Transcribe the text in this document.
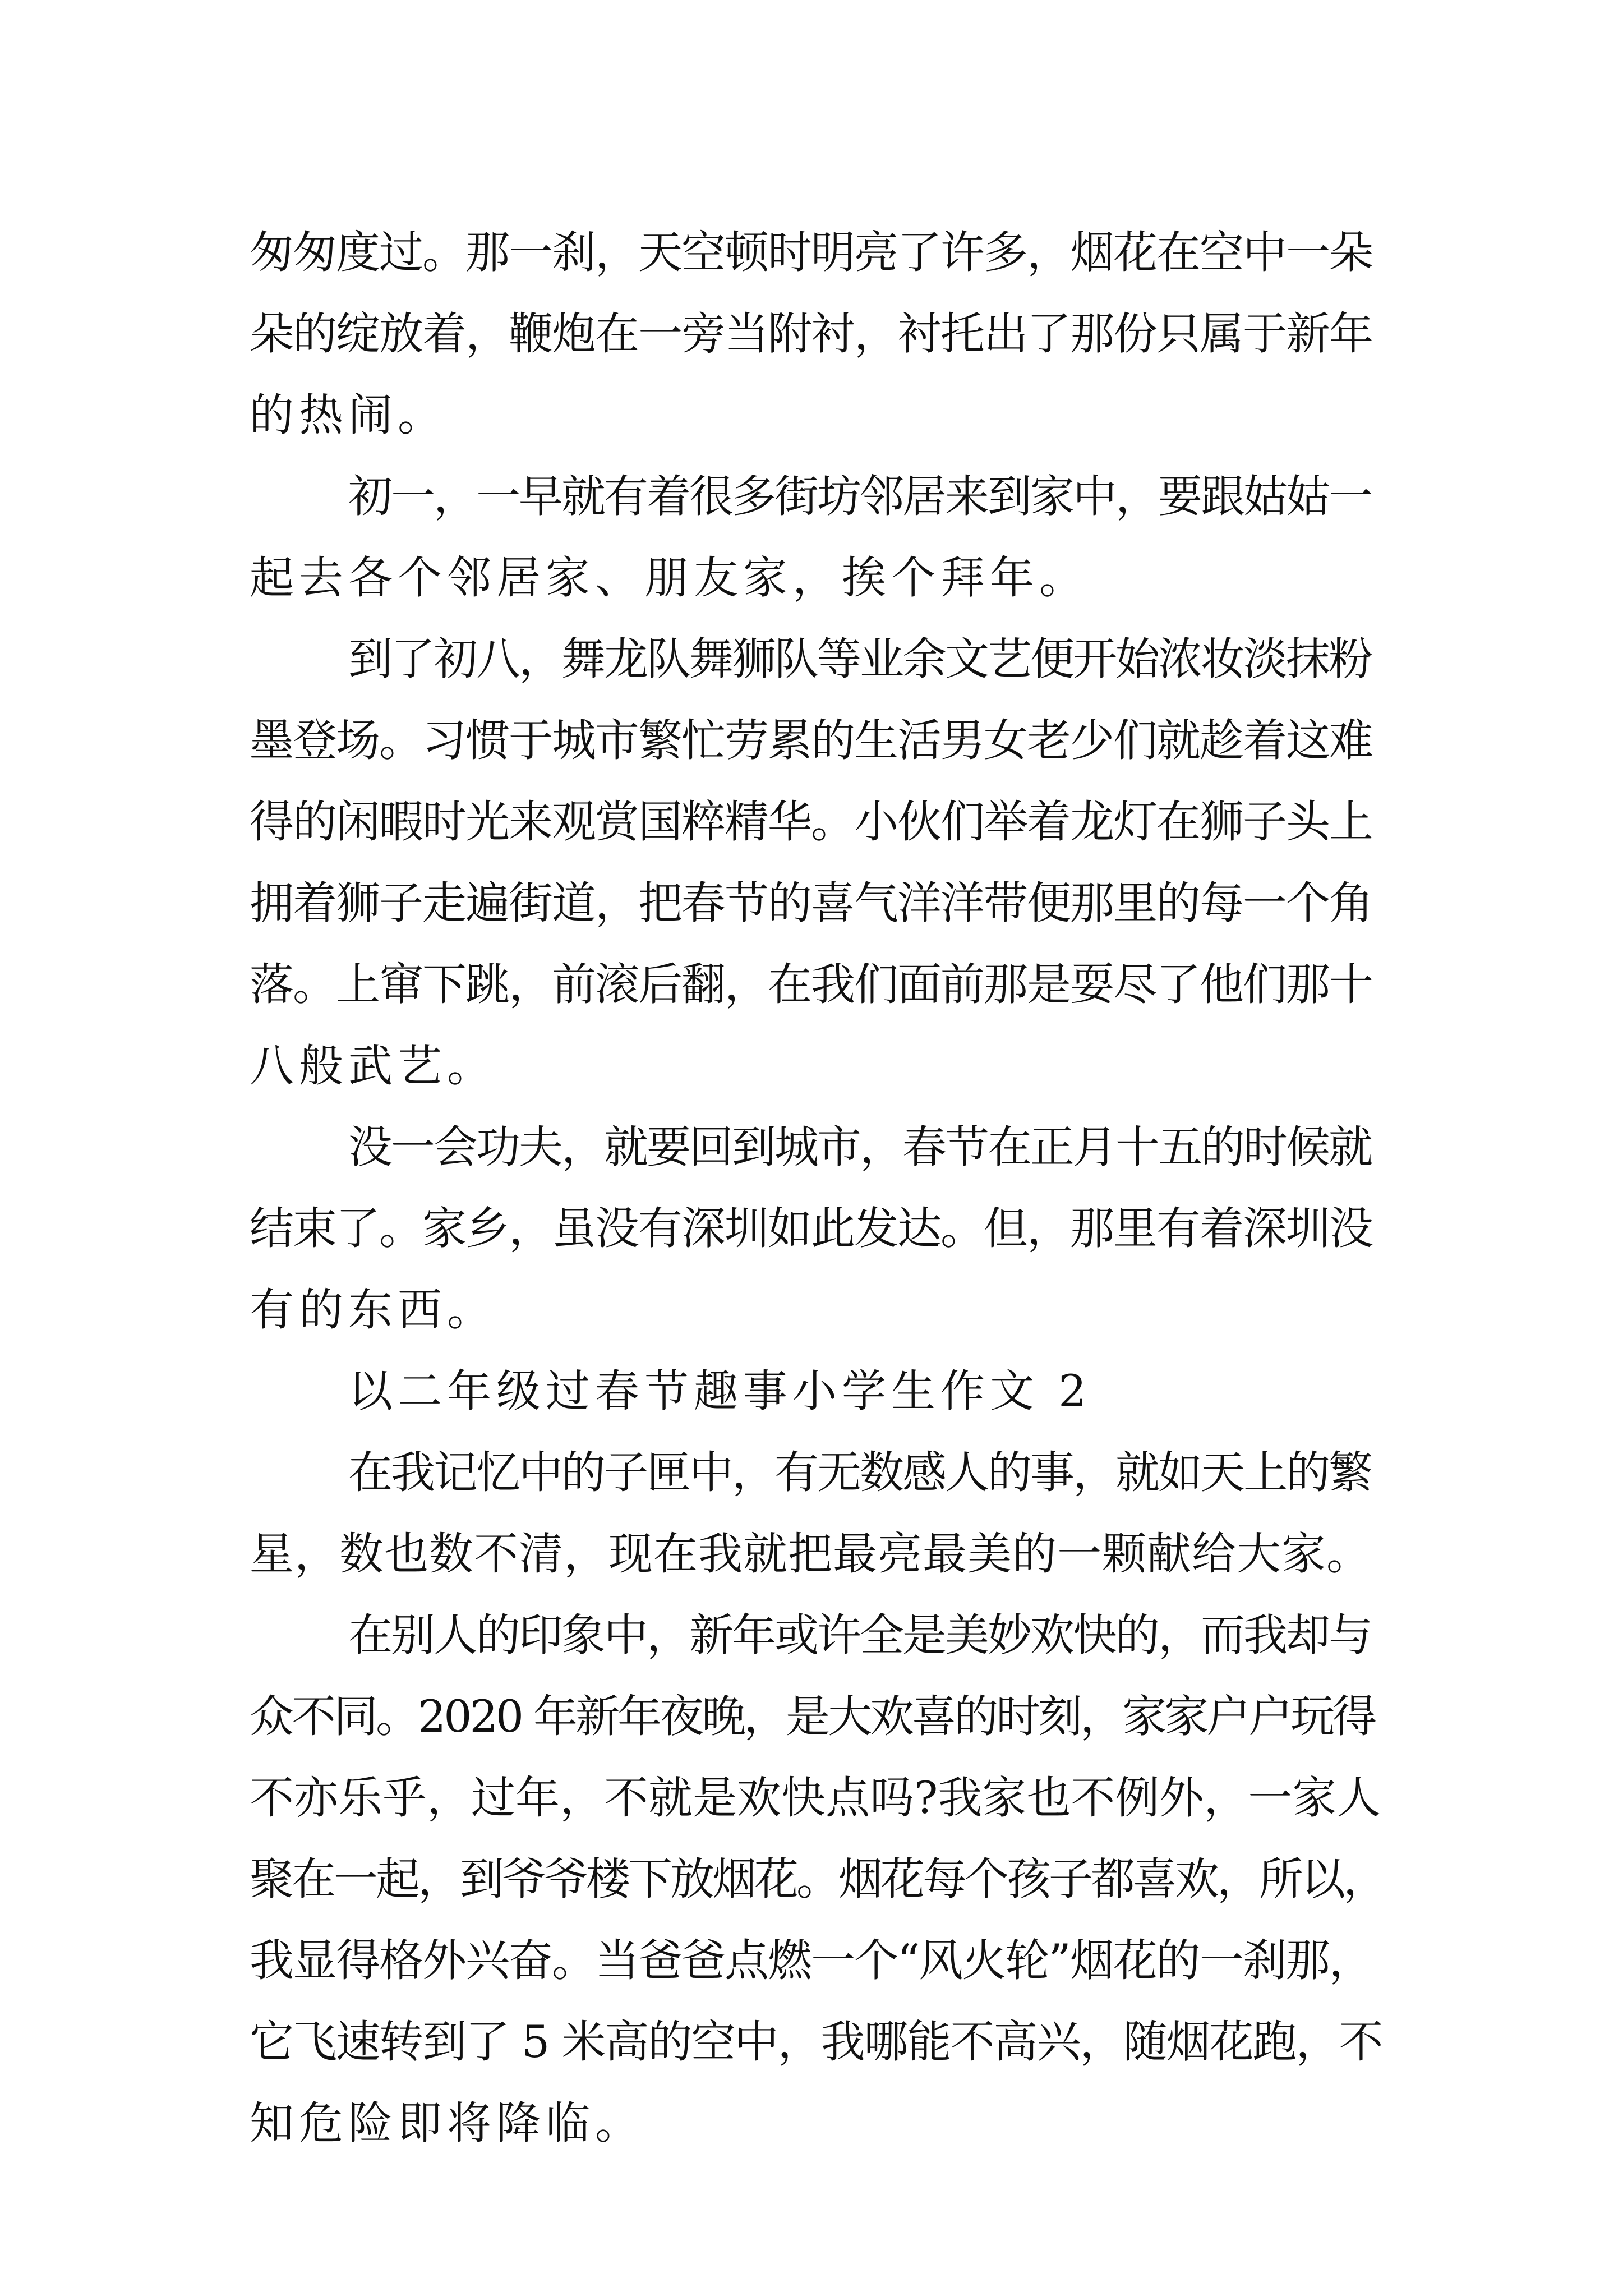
匆匆度过。那一刹，天空顿时明亮了许多，烟花在空中一朵

朵的绽放着，鞭炮在一旁当附衬，衬托出了那份只属于新年

的热闹。

初一，一早就有着很多街坊邻居来到家中，要跟姑姑一

起去各个邻居家、朋友家，挨个拜年。

到了初八，舞龙队舞狮队等业余文艺便开始浓妆淡抹粉

墨登场。习惯于城市繁忙劳累的生活男女老少们就趁着这难

得的闲暇时光来观赏国粹精华。小伙们举着龙灯在狮子头上

拥着狮子走遍街道，把春节的喜气洋洋带便那里的每一个角

落。上窜下跳，前滚后翻，在我们面前那是耍尽了他们那十

八般武艺。

没一会功夫，就要回到城市，春节在正月十五的时候就

结束了。家乡，虽没有深圳如此发达。但，那里有着深圳没

有的东西。

以二年级过春节趣事小学生作文 2

在我记忆中的子匣中，有无数感人的事，就如天上的繁

星，数也数不清，现在我就把最亮最美的一颗献给大家。

在别人的印象中，新年或许全是美妙欢快的，而我却与

众不同。2020 年新年夜晚，是大欢喜的时刻，家家户户玩得

不亦乐乎，过年，不就是欢快点吗?我家也不例外，一家人

聚在一起，到爷爷楼下放烟花。烟花每个孩子都喜欢，所以，

我显得格外兴奋。当爸爸点燃一个“风火轮”烟花的一刹那，

它飞速转到了 5 米高的空中，我哪能不高兴，随烟花跑，不

知危险即将降临。
